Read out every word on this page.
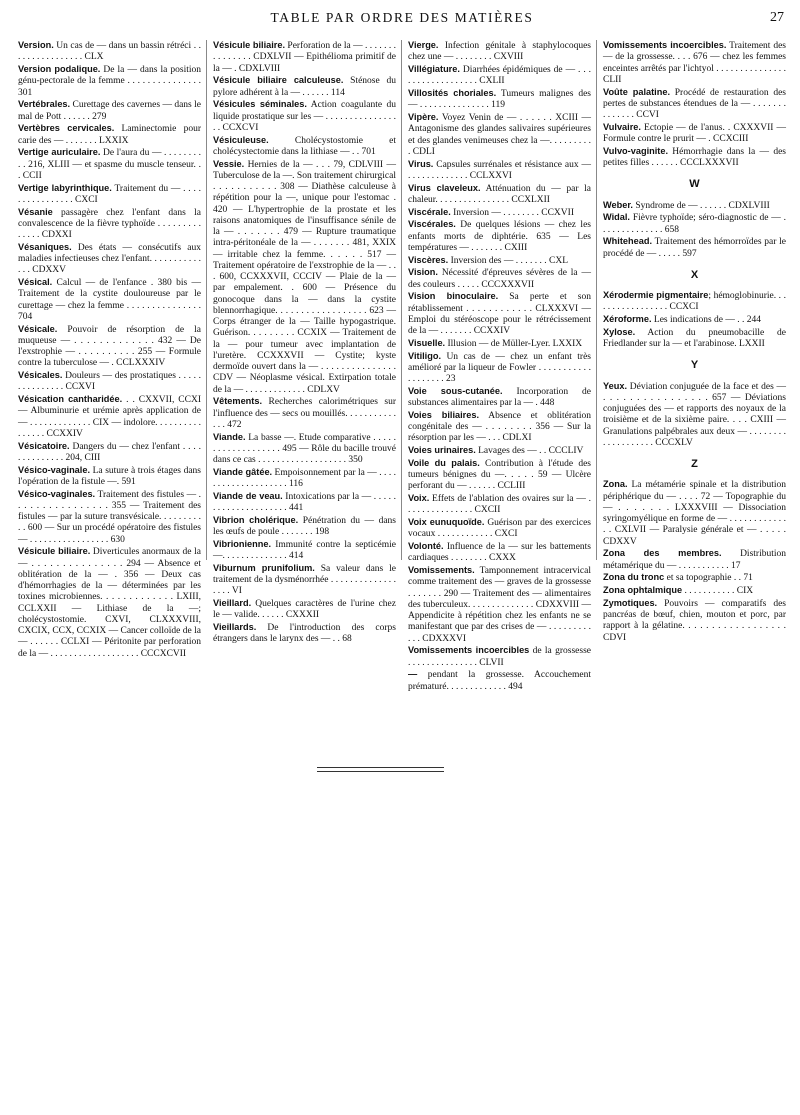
TABLE PAR ORDRE DES MATIÈRES	27
Version. Un cas de — dans un bassin rétréci . . . . . . . . . . . . . . . . CLX
Version podalique. De la — dans la position génu-pectorale de la femme . . . . . . . . . . . . . . . 301
Vertébrales. Curettage des cavernes — dans le mal de Pott . . . . . . 279
Vertèbres cervicales. Laminectomie pour carie des — . . . . . . . LXXIX
Vertige auriculaire. De l'aura du — . . . . . . . . . . 216, XLIII — et spasme du muscle tenseur. . . CCII
Vertige labyrinthique. Traitement du — . . . . . . . . . . . . . . . . CXCI
Vésanie passagère chez l'enfant dans la convalescence de la fièvre typhoïde . . . . . . . . . . . . . . CDXXI
Vésaniques. Des états — consécutifs aux maladies infectieuses chez l'enfant. . . . . . . . . . . . . . CDXXV
Vésical. Calcul — de l'enfance . 380 bis — Traitement de la cystite douloureuse par le curettage — chez la femme . . . . . . . . . . . . . . . 704
Vésicale. Pouvoir de résorption de la muqueuse — . . . . . . . . . . . . . 432 — De l'exstrophie — . . . . . . . . . . 255 — Formule contre la tuberculose — . CCLXXXIV
Vésicales. Douleurs — des prostatiques . . . . . . . . . . . . . . . CCXVI
Vésication cantharidée. . . CXXVII, CCXI — Albuminurie et urémie après application de — . . . . . . . . . . . . . CIX — indolore. . . . . . . . . . . . . . . . CCXXIV
Vésicatoire. Dangers du — chez l'enfant . . . . . . . . . . . . . . 204, CIII
Vésico-vaginale. La suture à trois étages dans l'opération de la fistule —. 591
Vésico-vaginales. Traitement des fistules — . . . . . . . . . . . . . . . . 355 — Traitement des fistules — par la suture transvésicale. . . . . . . . . . . 600 — Sur un procédé opératoire des fistules — . . . . . . . . . . . . . . . . . 630
Vésicule biliaire. Diverticules anormaux de la — . . . . . . . . . . . . . . . 294 — Absence et oblitération de la — . 356 — Deux cas d'hémorrhagies de la — déterminées par les toxines microbiennes. . . . . . . . . . . . . LXIII, CCLXXII — Lithiase de la —; cholécystostomie. CXVI, CLXXXVIII, CXCIX, CCX, CCXIX — Cancer colloïde de la — . . . . . . CCLXI — Péritonite par perforation de la — . . . . . . . . . . . . . . . . . . . CCCXCVII
Vésicule biliaire. Perforation de la — . . . . . . . . . . . . . . . CDXLVII — Epithélioma primitif de la — . CDXLVIII
Vésicule biliaire calculeuse. Sténose du pylore adhérent à la — . . . . . . 114
Vésicules séminales. Action coagulante du liquide prostatique sur les — . . . . . . . . . . . . . . . . . CCXCVI
Vésiculeuse. Cholécystostomie et cholécystectomie dans la lithiase — . . 701
Vessie. Hernies de la — . . . 79, CDLVIII — Tuberculose de la —. Son traitement chirurgical . . . . . . . . . . . 308 — Diathèse calculeuse à répétition pour la —, unique pour l'estomac . 420 — L'hypertrophie de la prostate et les raisons anatomiques de l'insuffisance sénile de la — . . . . . . . 479 — Rupture traumatique intra-péritonéale de la — . . . . . . . 481, XXIX — irritable chez la femme. . . . . . 517 — Traitement opératoire de l'exstrophie de la — . . . 600, CCXXXVII, CCCIV — Plaie de la — par empalement. . 600 — Présence du gonocoque dans la — dans la cystite blennorrhagique. . . . . . . . . . . . . . . . . . 623 — Corps étranger de la — Taille hypogastrique. Guérison. . . . . . . . . CCXIX — Traitement de la — pour tumeur avec implantation de l'uretère. CCXXXVII — Cystite; kyste dermoïde ouvert dans la — . . . . . . . . . . . . . . . CDV — Néoplasme vésical. Extirpation totale de la — . . . . . . . . . . . . . CDLXV
Vêtements. Recherches calorimétriques sur l'influence des — secs ou mouillés. . . . . . . . . . . . . . 472
Viande. La basse —. Etude comparative . . . . . . . . . . . . . . . . . . . 495 — Rôle du bacille trouvé dans ce cas . . . . . . . . . . . . . . . . . . . 350
Viande gâtée. Empoisonnement par la — . . . . . . . . . . . . . . . . . . . . 116
Viande de veau. Intoxications par la — . . . . . . . . . . . . . . . . . . . . . 441
Vibrion cholérique. Pénétration du — dans les œufs de poule . . . . . . . 198
Vibrionienne. Immunité contre la septicémie —. . . . . . . . . . . . . . 414
Viburnum prunifolium. Sa valeur dans le traitement de la dysménorrhée . . . . . . . . . . . . . . . . . . VI
Vieillard. Quelques caractères de l'urine chez le — valide. . . . . . CXXXII
Vieillards. De l'introduction des corps étrangers dans le larynx des — . . 68
Vierge. Infection génitale à staphylocoques chez une — . . . . . . . . CXVIII
Villégiature. Diarrhées épidémiques de — . . . . . . . . . . . . . . . . . . CXLII
Villosités choriales. Tumeurs malignes des — . . . . . . . . . . . . . . . 119
Vipère. Voyez Venin de — . . . . . . XCIII — Antagonisme des glandes salivaires supérieures et des glandes venimeuses chez la —. . . . . . . . . . CDLI
Virus. Capsules surrénales et résistance aux — . . . . . . . . . . . . . CCLXXVI
Virus claveleux. Atténuation du — par la chaleur. . . . . . . . . . . . . . . . CCXLXII
Viscérale. Inversion — . . . . . . . . CCXVII
Viscérales. De quelques lésions — chez les enfants morts de diphtérie. 635 — Les températures — . . . . . . . CXIII
Viscères. Inversion des — . . . . . . . CXL
Vision. Nécessité d'épreuves sévères de la — des couleurs . . . . . CCCXXXVII
Vision binoculaire. Sa perte et son rétablissement . . . . . . . . . . . . CLXXXVI — Emploi du stéréoscope pour le rétrécissement de la — . . . . . . . CCXXIV
Visuelle. Illusion — de Müller-Lyer. LXXIX
Vitiligo. Un cas de — chez un enfant très amélioré par la liqueur de Fowler . . . . . . . . . . . . . . . . . . . 23
Voie sous-cutanée. Incorporation de substances alimentaires par la — . 448
Voies biliaires. Absence et oblitération congénitale des — . . . . . . . . 356 — Sur la résorption par les — . . . CDLXI
Voies urinaires. Lavages des — . . CCCLIV
Voile du palais. Contribution à l'étude des tumeurs bénignes du —. . . . . 59 — Ulcère perforant du — . . . . . . CCLIII
Voix. Effets de l'ablation des ovaires sur la — . . . . . . . . . . . . . . . CXCII
Voix eunuquoïde. Guérison par des exercices vocaux . . . . . . . . . . . . CXCI
Volonté. Influence de la — sur les battements cardiaques . . . . . . . . CXXX
Vomissements. Tamponnement intracervical comme traitement des — graves de la grossesse . . . . . . . 290 — Traitement des — alimentaires des tuberculeux. . . . . . . . . . . . . . CDXXVIII — Appendicite à répétition chez les enfants ne se manifestant que par des crises de — . . . . . . . . . . . . CDXXXVI
Vomissements incoercibles de la grossesse . . . . . . . . . . . . . . . CLVII
— pendant la grossesse. Accouchement prématuré. . . . . . . . . . . . . 494
Vomissements incoercibles. Traitement des — de la grossesse. . . . 676 — chez les femmes enceintes arrêtés par l'ichtyol . . . . . . . . . . . . . . . CLII
Voûte palatine. Procédé de restauration des pertes de substances étendues de la — . . . . . . . . . . . . . . CCVI
Vulvaire. Ectopie — de l'anus. . CXXXVII — Formule contre le prurit — . CCXCIII
Vulvo-vaginite. Hémorrhagie dans la — des petites filles . . . . . . CCCLXXXVII
W
Weber. Syndrome de — . . . . . . CDXLVIII
Widal. Fièvre typhoïde; séro-diagnostic de — . . . . . . . . . . . . . . 658
Whitehead. Traitement des hémorroïdes par le procédé de — . . . . . 597
X
Xérodermie pigmentaire; hémoglobinurie. . . . . . . . . . . . . . . . . CCXCI
Xéroforme. Les indications de — . . 244
Xylose. Action du pneumobacille de Friedlander sur la — et l'arabinose. LXXII
Y
Yeux. Déviation conjuguée de la face et des — . . . . . . . . . . . . . . . . 657 — Déviations conjuguées des — et rapports des noyaux de la troisième et de la sixième paire. . . . CXIII — Granulations palpébrales aux deux — . . . . . . . . . . . . . . . . . . . CCCXLV
Z
Zona. La métamérie spinale et la distribution périphérique du — . . . . 72 — Topographie du — . . . . . . . LXXXVIII — Dissociation syringomyélique en forme de — . . . . . . . . . . . . . . CXLVII — Paralysie générale et — . . . . . CDXXV
Zona des membres. Distribution métamérique du — . . . . . . . . . . . 17
Zona du tronc et sa topographie . . 71
Zona ophtalmique . . . . . . . . . . . CIX
Zymotiques. Pouvoirs — comparatifs des pancréas de bœuf, chien, mouton et porc, par rapport à la gélatine. . . . . . . . . . . . . . . . . . CDVI
